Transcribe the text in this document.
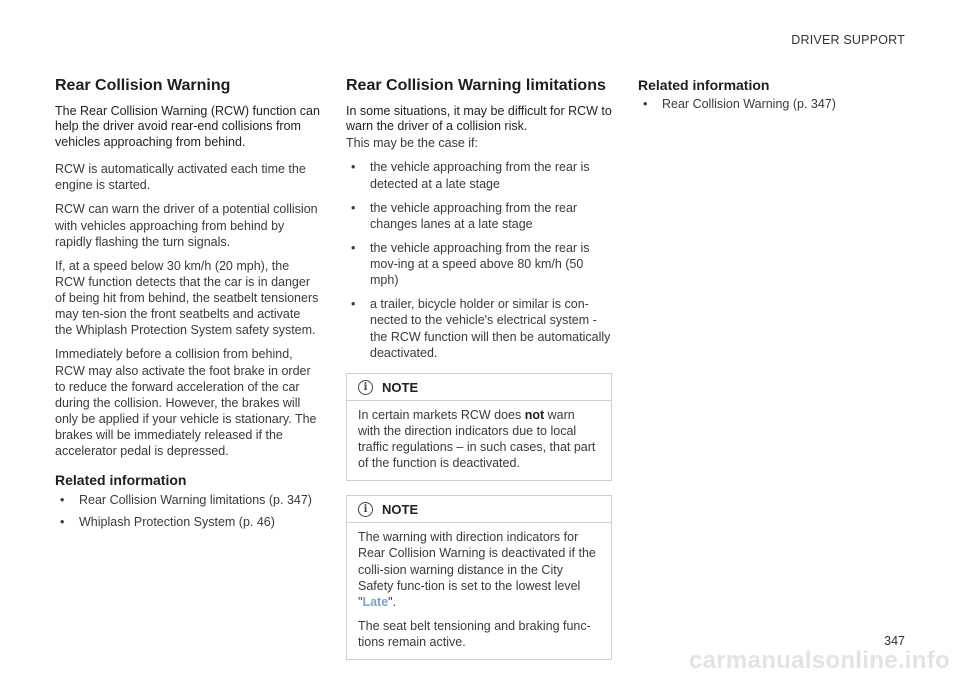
DRIVER SUPPORT
Rear Collision Warning
The Rear Collision Warning (RCW) function can help the driver avoid rear-end collisions from vehicles approaching from behind.

RCW is automatically activated each time the engine is started.

RCW can warn the driver of a potential collision with vehicles approaching from behind by rapidly flashing the turn signals.

If, at a speed below 30 km/h (20 mph), the RCW function detects that the car is in danger of being hit from behind, the seatbelt tensioners may ten-sion the front seatbelts and activate the Whiplash Protection System safety system.

Immediately before a collision from behind, RCW may also activate the foot brake in order to reduce the forward acceleration of the car during the collision. However, the brakes will only be applied if your vehicle is stationary. The brakes will be immediately released if the accelerator pedal is depressed.

Related information
• Rear Collision Warning limitations (p. 347)
• Whiplash Protection System (p. 46)
Rear Collision Warning limitations
In some situations, it may be difficult for RCW to warn the driver of a collision risk.

This may be the case if:

• the vehicle approaching from the rear is detected at a late stage
• the vehicle approaching from the rear changes lanes at a late stage
• the vehicle approaching from the rear is mov-ing at a speed above 80 km/h (50 mph)
• a trailer, bicycle holder or similar is con-nected to the vehicle's electrical system - the RCW function will then be automatically deactivated.
i	NOTE

In certain markets RCW does not warn with the direction indicators due to local traffic regulations – in such cases, that part of the function is deactivated.

i	NOTE

The warning with direction indicators for Rear Collision Warning is deactivated if the colli-sion warning distance in the City Safety func-tion is set to the lowest level "Late".

The seat belt tensioning and braking func-tions remain active.

Related information
• Rear Collision Warning (p. 347)
347
carmanualsonline.info
